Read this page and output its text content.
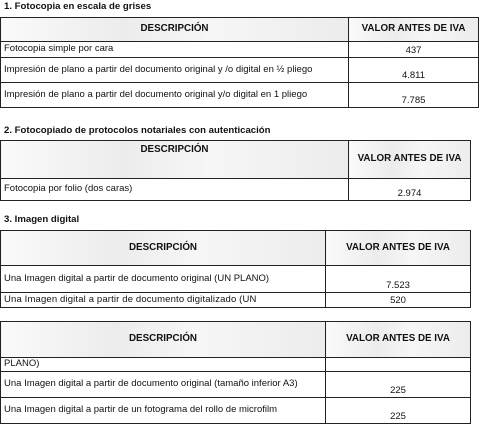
1. Fotocopia en escala de grises
DESCRIPCIÓN	VALOR ANTES DE IVA
Fotocopia simple por cara	437
Impresión de plano a partir del documento original y /o digital en ½ pliego	4.811
Impresión de plano a partir del documento original y/o digital en 1 pliego	7.785
2. Fotocopiado de protocolos notariales con autenticación
DESCRIPCIÓN	VALOR ANTES DE IVA
Fotocopia por folio (dos caras)	2.974
3. Imagen digital
DESCRIPCIÓN	VALOR ANTES DE IVA
Una Imagen digital a partir de documento original (UN PLANO)	7.523
Una Imagen digital a partir de documento digitalizado (UN	520
DESCRIPCIÓN	VALOR ANTES DE IVA
PLANO)	
Una Imagen digital a partir de documento original (tamaño inferior A3)	225
Una Imagen digital a partir de un fotograma del rollo de microfilm	225
